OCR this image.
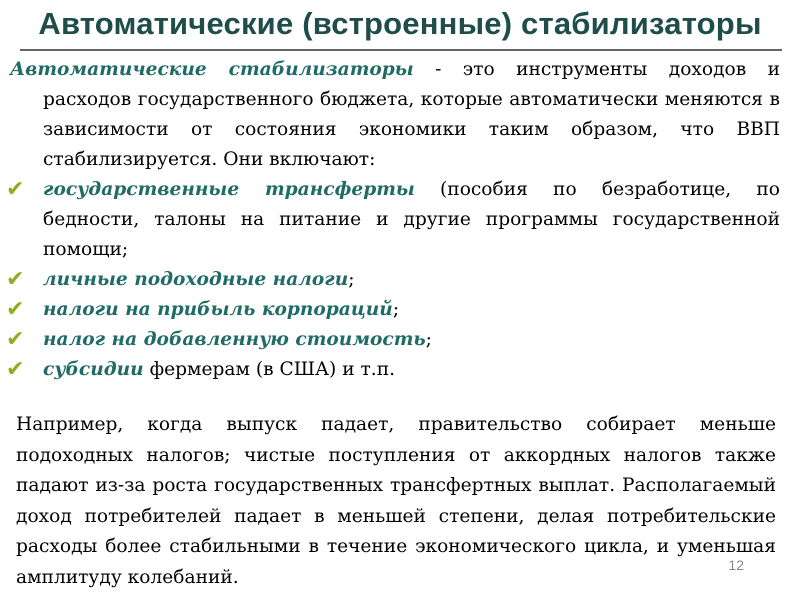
Автоматические (встроенные) стабилизаторы

Автоматические стабилизаторы - это инструменты доходов и расходов государственного бюджета, которые автоматически меняются в зависимости от состояния экономики таким образом, что ВВП стабилизируется. Они включают:

✔ государственные трансферты (пособия по безработице, по бедности, талоны на питание и другие программы государственной помощи;
✔ личные подоходные налоги;
✔ налоги на прибыль корпораций;
✔ налог на добавленную стоимость;
✔ субсидии фермерам (в США) и т.п.

Например, когда выпуск падает, правительство собирает меньше подоходных налогов; чистые поступления от аккордных налогов также падают из-за роста государственных трансфертных выплат. Располагаемый доход потребителей падает в меньшей степени, делая потребительские расходы более стабильными в течение экономического цикла, и уменьшая амплитуду колебаний.

12
